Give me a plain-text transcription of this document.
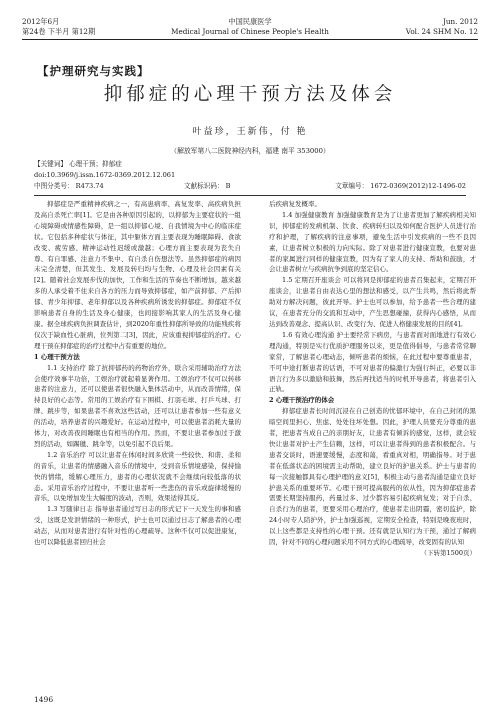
2012年6月	中国民康医学	Jun. 2012
第24卷 下半月 第12期	Medical Journal of Chinese People's Health	Vol. 24 SHM No. 12
【护理研究与实践】
抑郁症的心理干预方法及体会
叶益珍，王新伟，付 艳
（解放军第八二医院神经内科，福建 南平 353000）
【关键词】 心理干预；抑郁症
doi:10.3969/j.issn.1672-0369.2012.12.061
中图分类号： R473.74	文献标识码： B	文章编号： 1672-0369(2012)12-1496-02

抑郁症是严重精神疾病之一，有高患病率、高复发率、高疾病负担及高自杀死亡率[1]。它是由各种原因引起的，以抑郁为主要症状的一组心境障碍或情感性障碍，是一组以抑郁心境、自我情境为中心的临床症状。它包括多种症状与体征，其中躯体方面主要表现为睡眠障碍、食欲改变、疲劳感、精神运动性迟缓或激越；心理方面主要表现为丧失自尊、有自罪感、注意力不集中、有自杀自伤想法等。虽然抑郁症的病因未完全清楚，但其发生、发展及转归均与生物、心理及社会因素有关[2]。随着社会发展步伐的加快，工作和生活的节奏也不断增加，越来越多的人承受着不住来自各方的压力而导致抑郁症，如产前抑郁、产后抑郁、青少年抑郁、老年抑郁以及各种疾病所诱发的抑郁症。抑郁症不仅影响患者自身的生活及身心健康，也间接影响其家人的生活及身心健康。据全球疾病负担调查估计，到2020年重性抑郁所导致的功能残疾将仅次于缺血性心脏病，位列第二[3]，因此，应该重视抑郁症的治疗。心理干预在抑郁症的治疗过程中占有重要的地位。

1 心理干预方法

1.1 支持治疗 除了抗抑郁药的药物治疗外，联合采用辅助治疗方法会使疗效事半功倍，工娱治疗就起着显著作用。工娱治疗不仅可以转移患者的注意力，还可以使患者很快融入集体活动中，从而改善情绪，保持良好的心态等。常用的工娱治疗有下围棋、打羽毛球、打乒乓球、打牌、跳步等，如果患者不喜欢这些活动，还可以让患者参加一些有意义的活动，培养患者的兴趣爱好。在运动过程中，可以使患者消耗大量的体力，对改善夜间睡眠也有相当的作用。然而，不要让患者参加过于激烈的活动，如踢毽、跳伞等，以免引起不良后果。

1.2 音乐治疗 可以让患者在体闲时间多欣赏一些较快、和谐、柔和的音乐，让患者的情感融入音乐的情境中，受到音乐情境感染，保持愉快的情绪，缓解心理压力，患者的心理状况就不会继续向较低落的状态。采用音乐治疗过程中，不要让患者听一些悲伤的音乐或旋律缓慢的音乐，以免增加发生大幅度的波动，否则，效果适得其反。

1.3 写随律日志 指导患者通过写日志的形式记下一天发生的事和感受，这既是发泄情绪的一种形式，护士也可以通过日志了解患者的心理动态，从而对患者进行有针对性的心理疏导。这种不仅可以促进康复，也可以降低患者回归社会

后疾病复发概率。

1.4 加强健康教育 加强健康教育是为了让患者更加了解疾病相关知识，抑郁症的发病机制、饮食、疾病转归以及如何配合医护人员进行治疗和护理，了解疾病的注意事项，避免生活中引发疾病的一些不良因素，让患者树立积极的力向实际。除了对患者进行健康宣教，也要对患者的家属进行同样的健康宣教，因为有了家人的支持、帮助和鼓励，才会让患者树立与疾病抗争到底的坚定信心。

1.5 定期召开座谈会 可以将同是抑郁症的患者召集起来，定期召开座谈会，让患者自由表达心里的想法和感受，以产生共鸣，然后将此帮助对方解决问题，彼此开导。护士也可以参加，给予患者一些合理的建议，在患者充分的交流和互动中，产生思想碰撞，获得内心感悟，从而达到改善观念、提高认识、改变行为、促进人格健康发展的目的[4]。

1.6 有效心理沟通 护士要经常下病房，与患者面对面地进行有效心理沟通，特别是实行优质护理服务以来，更是值得倡导，与患者常常聊家常，了解患者心理动态，倾听患者的烦恼，在此过程中要尊重患者，不可中途打断患者的话语，不可对患者的偏激行为强行纠正，必要以非语言行为多以激励和鼓舞，然后再找适当的时机开导患者，将患者引入正轨。

2 心理干预治疗的体会

抑郁症患者长时间沉浸在自己创造的忧郁环境中，在自己封闭的黑暗空间里担心、焦虑、处处往坏处想。因此，护理人员要充分尊重的患者，把患者当成自己的亲朋好友，让患者有倾诉的感觉，这样，就会较快让患者对护士产生信赖，这样，可以让患者得到的患者积极配合。与患者交谈时，语速要缓慢，态度和蔼，看重真对相，明确指导。对于患者在低落状态的困境需主动帮助，建立良好的护患关系。护士与患者的每一次接触都具有心理护理的意义[5]，积极主动与患者沟通是建立良好护患关系的重要环节。心理干预可提高服药的依从性，因为抑郁症患者需要长期坚持服药，药量过多、过少都容易引起疾病复发；对于自杀、自杀行为的患者，更要采用心理治疗，使患者走出阴霾，密切监护，除24小时专人陪护外，护士加强巡视，定期安全检查，特别是晚夜班时，以上这些都是支持性的心理干预。还有就是认知行为干预，通过了解病因，针对不同的心理问题采用不同方式的心理疏导，改变固有的认知

（下转第1500页）

1496
